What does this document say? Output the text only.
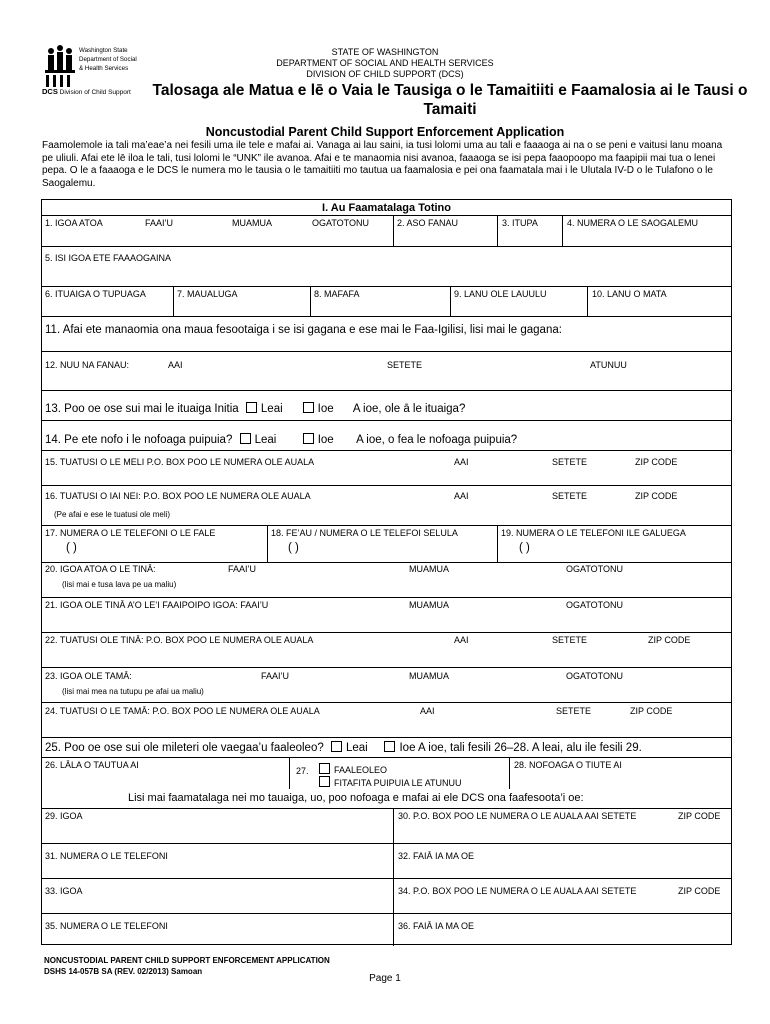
Washington State
Department of Social
& Health Services
DCS Division of Child Support
STATE OF WASHINGTON
DEPARTMENT OF SOCIAL AND HEALTH SERVICES
DIVISION OF CHILD SUPPORT (DCS)
Talosaga ale Matua e lē o Vaia le Tausiga o le Tamaitiiti e Faamalosia ai le Tausi o Tamaiti
Noncustodial Parent Child Support Enforcement Application
Faamolemole ia tali ma’eae’a nei fesili uma ile tele e mafai ai. Vanaga ai lau saini, ia tusi lolomi uma au tali e faaaoga ai na o se peni e vaitusi lanu moana pe uliuli. Afai ete lē iloa le tali, tusi lolomi le “UNK” ile avanoa. Afai e te manaomia nisi avanoa, faaaoga se isi pepa faaopoopo ma faapipii mai tua o lenei pepa. O le a faaaoga e le DCS le numera mo le tausia o le tamaitiiti mo tautua ua faamalosia e pei ona faamatala mai i le Ulutala IV-D o le Tulafono o le Saogalemu.
I. Au Faamatalaga Totino
1. IGOA ATOA	FAAI’U	MUAMUA	OGATOTONU	2. ASO FANAU	3. ITUPA	4. NUMERA O LE SAOGALEMU
5. ISI IGOA ETE FAAAOGAINA
6. ITUAIGA O TUPUAGA	7. MAUALUGA	8. MAFAFA	9. LANU OLE LAUULU	10. LANU O MATA
11. Afai ete manaomia ona maua fesootaiga i se isi gagana e ese mai le Faa-Igilisi, lisi mai le gagana:
12. NUU NA FANAU:	AAI	SETETE	ATUNUU
13. Poo oe ose sui mai le ituaiga Initia Leai	Ioe A ioe, ole ā le ituaiga?
14. Pe ete nofo i le nofoaga puipuia? Leai	Ioe A ioe, o fea le nofoaga puipuia?
15. TUATUSI O LE MELI P.O. BOX POO LE NUMERA OLE AUALA	AAI	SETETE	ZIP CODE
16. TUATUSI O IAI NEI: P.O. BOX POO LE NUMERA OLE AUALA	AAI	SETETE	ZIP CODE
(Pe afai e ese le tuatusi ole meli)
17. NUMERA O LE TELEFONI O LE FALE	18. FE’AU / NUMERA O LE TELEFOI SELULA	19. NUMERA O LE TELEFONI ILE GALUEGA
( )	( )	( )
20. IGOA ATOA O LE TINĀ:	FAAI’U	MUAMUA	OGATOTONU
(lisi mai e tusa lava pe ua maliu)
21. IGOA OLE TINĀ A’O LE’I FAAIPOIPO IGOA: FAAI’U	MUAMUA	OGATOTONU
22. TUATUSI OLE TINĀ: P.O. BOX POO LE NUMERA OLE AUALA	AAI	SETETE	ZIP CODE
23. IGOA OLE TAMĀ:	FAAI’U	MUAMUA	OGATOTONU
(lisi mai mea na tutupu pe afai ua maliu)
24. TUATUSI O LE TAMĀ: P.O. BOX POO LE NUMERA OLE AUALA	AAI	SETETE	ZIP CODE
25. Poo oe ose sui ole mileteri ole vaegaa’u faaleoleo? Leai	Ioe A ioe, tali fesili 26–28. A leai, alu ile fesili 29.
26. LĀLA O TAUTUA AI
27.	FAALEOLEO
FITAFITA PUIPUIA LE ATUNUU
28. NOFOAGA O TIUTE AI
Lisi mai faamatalaga nei mo tauaiga, uo, poo nofoaga e mafai ai ele DCS ona faafesoota’i oe:
29. IGOA	30. P.O. BOX POO LE NUMERA O LE AUALA AAI SETETE	ZIP CODE
31. NUMERA O LE TELEFONI	32. FAIĀ IA MA OE
33. IGOA	34. P.O. BOX POO LE NUMERA O LE AUALA AAI SETETE	ZIP CODE
35. NUMERA O LE TELEFONI	36. FAIĀ IA MA OE
NONCUSTODIAL PARENT CHILD SUPPORT ENFORCEMENT APPLICATION
DSHS 14-057B SA (REV. 02/2013) Samoan
Page 1
